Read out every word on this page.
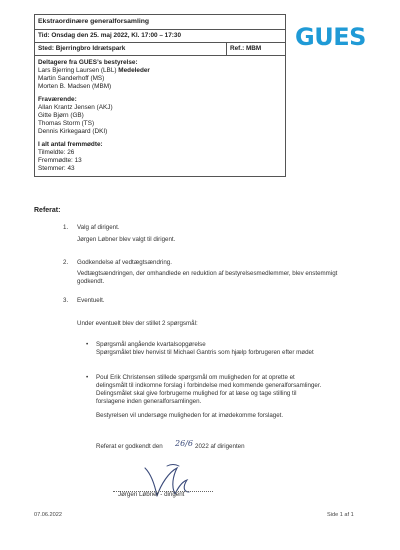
Ekstraordinære generalforsamling
Tid: Onsdag den 25. maj 2022, Kl. 17:00 – 17:30
Sted: Bjerringbro Idrætspark	Ref.: MBM
Deltagere fra GUES’s bestyrelse:
Lars Bjerring Laursen (LBL) Medeleder
Martin Sanderhoff (MS)
Morten B. Madsen (MBM)
Fraværende:
Allan Krantz Jensen (AKJ)
Gitte Bjørn (GB)
Thomas Storm (TS)
Dennis Kirkegaard (DKI)
I alt antal fremmødte:
Tilmeldte: 26
Fremmødte: 13
Stemmer: 43
GUES
Referat:
1. Valg af dirigent.
Jørgen Løbner blev valgt til dirigent.
2. Godkendelse af vedtægtsændring.
Vedtægtsændringen, der omhandlede en reduktion af bestyrelsesmedlemmer, blev enstemmigt godkendt.
3. Eventuelt.
Under eventuelt blev der stillet 2 spørgsmål:
• Spørgsmål angående kvartalsopgørelse
Spørgsmålet blev henvist til Michael Gantris som hjælp forbrugeren efter mødet
• Poul Erik Christensen stillede spørgsmål om muligheden for at oprette et
delingsmålt til indkomne forslag i forbindelse med kommende generalforsamlinger.
Delingsmålet skal give forbrugerne mulighed for at læse og tage stilling til
forslagene inden generalforsamlingen.
Bestyrelsen vil undersøge muligheden for at imødekomme forslaget.
Referat er godkendt den 26/6 2022 af dirigenten
Jørgen Løbner - dirigent
07.06.2022	Side 1 af 1
